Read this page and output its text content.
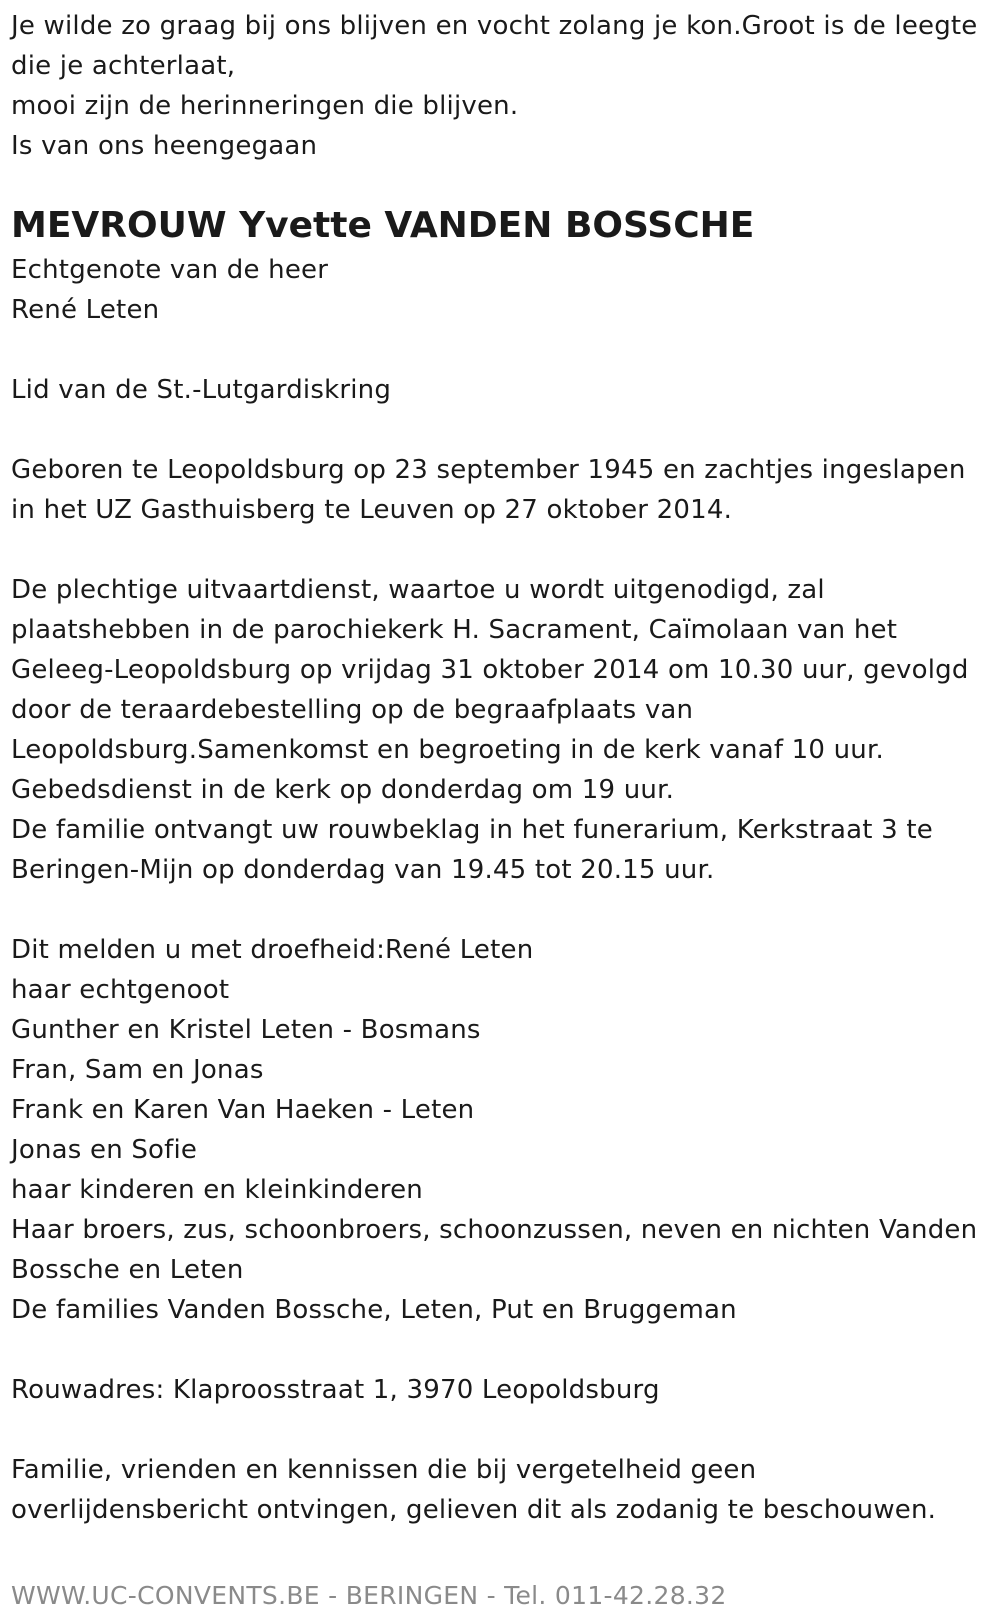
Je wilde zo graag bij ons blijven en vocht zolang je kon.Groot is de leegte
die je achterlaat,
mooi zijn de herinneringen die blijven.
Is van ons heengegaan
MEVROUW Yvette VANDEN BOSSCHE
Echtgenote van de heer
René Leten
Lid van de St.-Lutgardiskring
Geboren te Leopoldsburg op 23 september 1945 en zachtjes ingeslapen
in het UZ Gasthuisberg te Leuven op 27 oktober 2014.
De plechtige uitvaartdienst, waartoe u wordt uitgenodigd, zal
plaatshebben in de parochiekerk H. Sacrament, Caïmolaan van het
Geleeg-Leopoldsburg op vrijdag 31 oktober 2014 om 10.30 uur, gevolgd
door de teraardebestelling op de begraafplaats van
Leopoldsburg.Samenkomst en begroeting in de kerk vanaf 10 uur.
Gebedsdienst in de kerk op donderdag om 19 uur.
De familie ontvangt uw rouwbeklag in het funerarium, Kerkstraat 3 te
Beringen-Mijn op donderdag van 19.45 tot 20.15 uur.
Dit melden u met droefheid:René Leten
haar echtgenoot
Gunther en Kristel Leten - Bosmans
Fran, Sam en Jonas
Frank en Karen Van Haeken - Leten
Jonas en Sofie
haar kinderen en kleinkinderen
Haar broers, zus, schoonbroers, schoonzussen, neven en nichten Vanden
Bossche en Leten
De families Vanden Bossche, Leten, Put en Bruggeman
Rouwadres: Klaproosstraat 1, 3970 Leopoldsburg
Familie, vrienden en kennissen die bij vergetelheid geen
overlijdensbericht ontvingen, gelieven dit als zodanig te beschouwen.
WWW.UC-CONVENTS.BE - BERINGEN - Tel. 011-42.28.32
